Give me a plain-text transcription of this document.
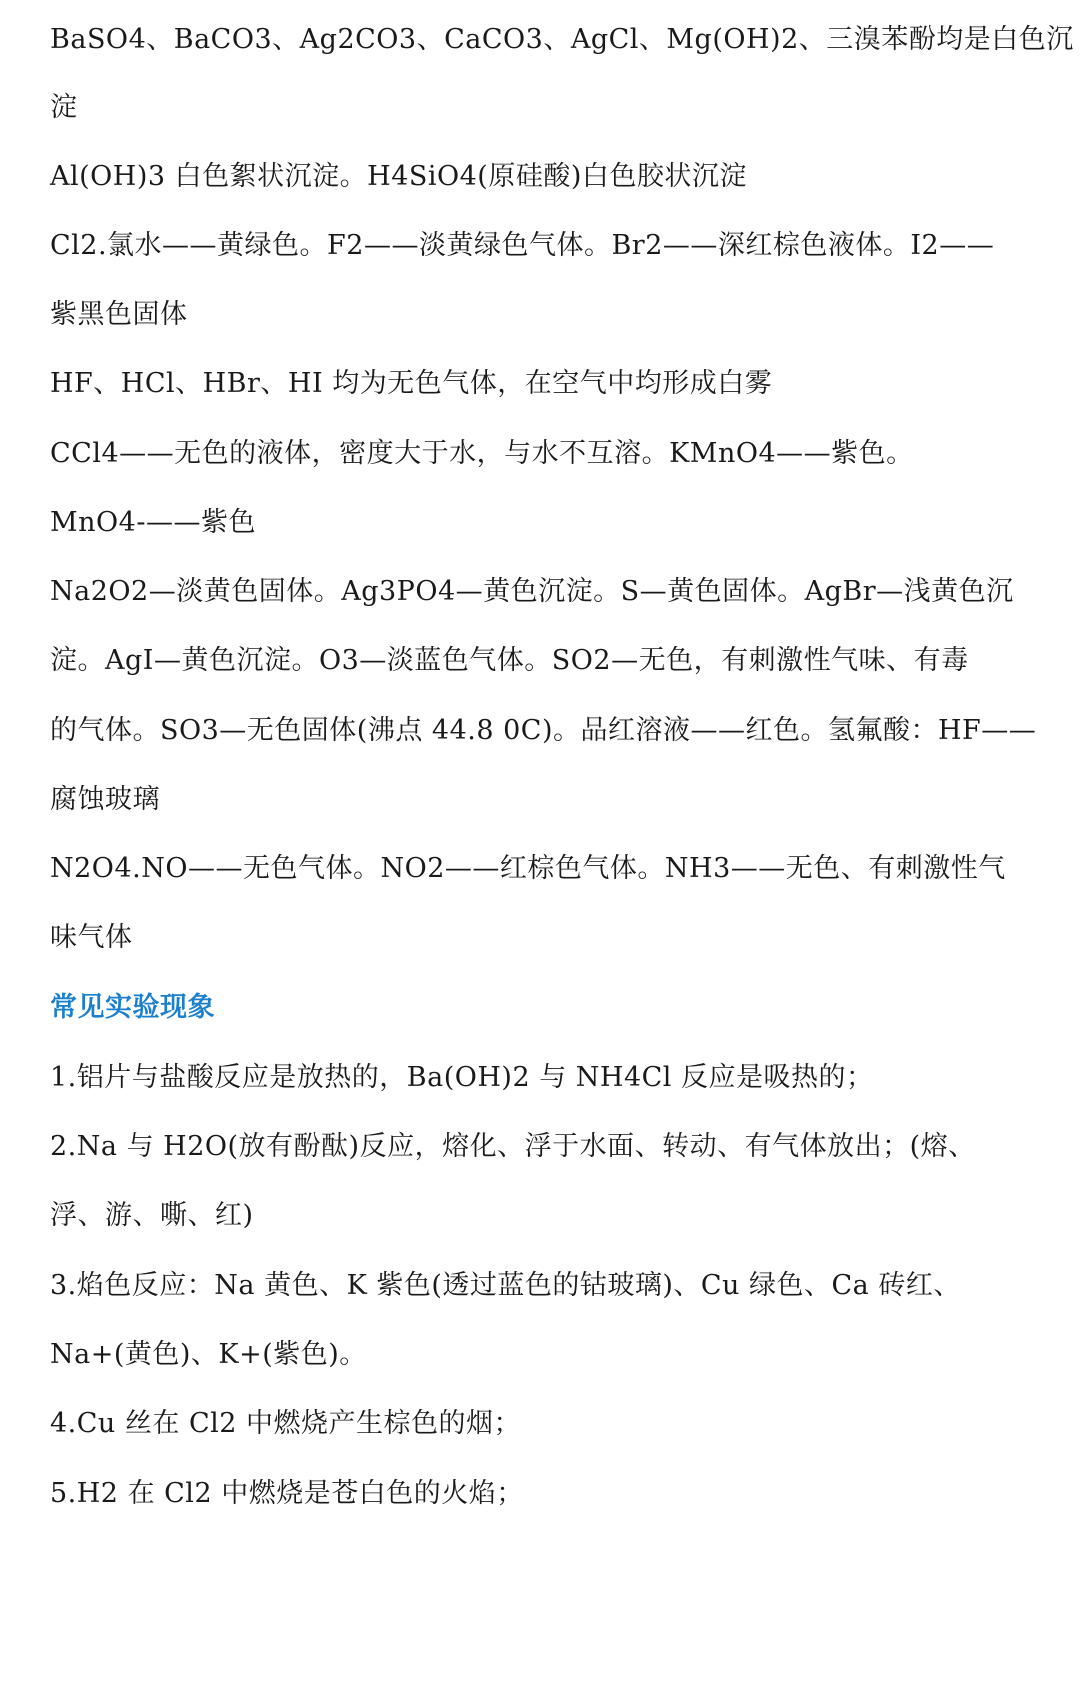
BaSO4、BaCO3、Ag2CO3、CaCO3、AgCl、Mg(OH)2、三溴苯酚均是白色沉
淀
Al(OH)3 白色絮状沉淀。H4SiO4(原硅酸)白色胶状沉淀
Cl2.氯水——黄绿色。F2——淡黄绿色气体。Br2——深红棕色液体。I2——
紫黑色固体
HF、HCl、HBr、HI 均为无色气体，在空气中均形成白雾
CCl4——无色的液体，密度大于水，与水不互溶。KMnO4——紫色。
MnO4-——紫色
Na2O2—淡黄色固体。Ag3PO4—黄色沉淀。S—黄色固体。AgBr—浅黄色沉
淀。AgI—黄色沉淀。O3—淡蓝色气体。SO2—无色，有刺激性气味、有毒
的气体。SO3—无色固体(沸点 44.8 0C)。品红溶液——红色。氢氟酸：HF——
腐蚀玻璃
N2O4.NO——无色气体。NO2——红棕色气体。NH3——无色、有刺激性气
味气体
常见实验现象
1.铝片与盐酸反应是放热的，Ba(OH)2 与 NH4Cl 反应是吸热的；
2.Na 与 H2O(放有酚酞)反应，熔化、浮于水面、转动、有气体放出；(熔、
浮、游、嘶、红)
3.焰色反应：Na 黄色、K 紫色(透过蓝色的钴玻璃)、Cu 绿色、Ca 砖红、
Na+(黄色)、K+(紫色)。
4.Cu 丝在 Cl2 中燃烧产生棕色的烟；
5.H2 在 Cl2 中燃烧是苍白色的火焰；
